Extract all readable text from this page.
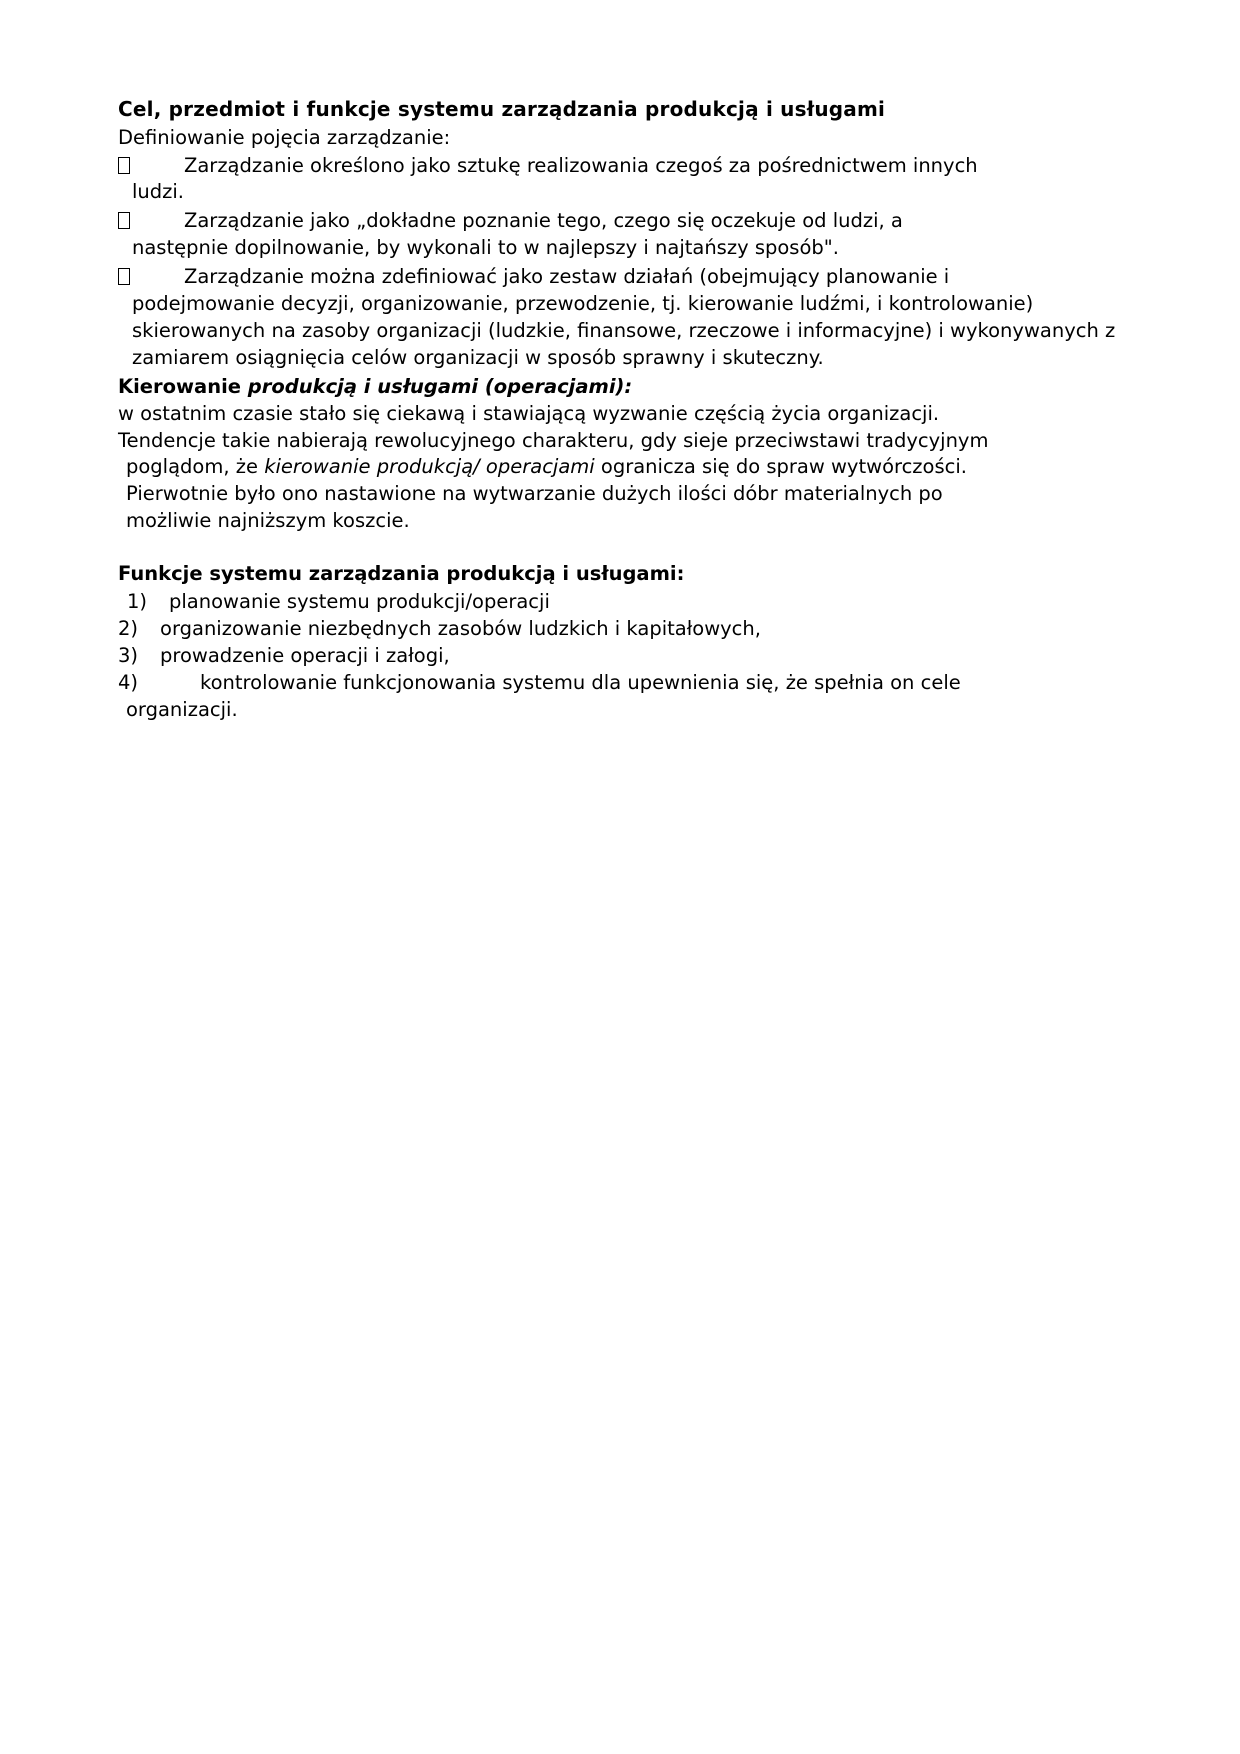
Cel, przedmiot i funkcje systemu zarządzania produkcją i usługami

Definiowanie pojęcia zarządzanie:

Zarządzanie określono jako sztukę realizowania czegoś za pośrednictwem innych
ludzi.
Zarządzanie jako „dokładne poznanie tego, czego się oczekuje od ludzi, a
następnie dopilnowanie, by wykonali to w najlepszy i najtańszy sposób".
Zarządzanie można zdefiniować jako zestaw działań (obejmujący planowanie i
podejmowanie decyzji, organizowanie, przewodzenie, tj. kierowanie ludźmi, i kontrolowanie) skierowanych na zasoby organizacji (ludzkie, finansowe, rzeczowe i informacyjne) i wykonywanych z zamiarem osiągnięcia celów organizacji w sposób sprawny i skuteczny.

Kierowanie produkcją i usługami (operacjami):

w ostatnim czasie stało się ciekawą i stawiającą wyzwanie częścią życia organizacji.

Tendencje takie nabierają rewolucyjnego charakteru, gdy sieje przeciwstawi tradycyjnym

poglądom, że kierowanie produkcją/ operacjami ogranicza się do spraw wytwórczości.

Pierwotnie było ono nastawione na wytwarzanie dużych ilości dóbr materialnych po

możliwie najniższym koszcie.

Funkcje systemu zarządzania produkcją i usługami:

1) planowanie systemu produkcji/operacji

2) organizowanie niezbędnych zasobów ludzkich i kapitałowych,

3) prowadzenie operacji i załogi,

4)	kontrolowanie funkcjonowania systemu dla upewnienia się, że spełnia on cele
organizacji.
